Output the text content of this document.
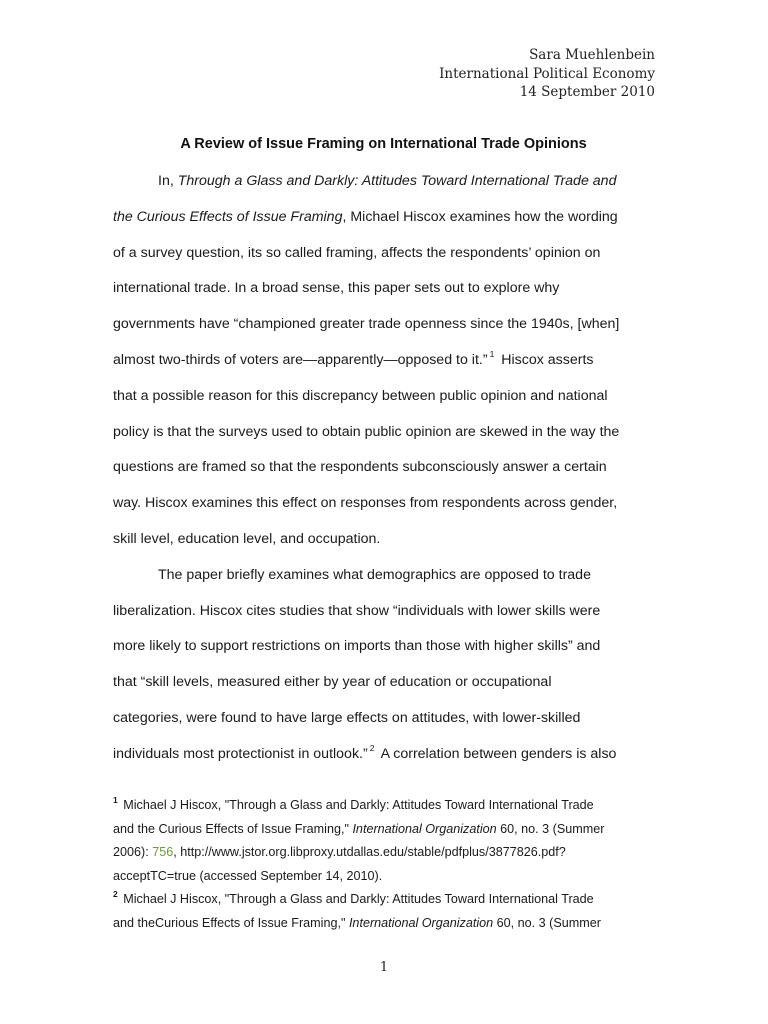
Sara Muehlenbein
International Political Economy
14 September 2010
A Review of Issue Framing on International Trade Opinions
In, Through a Glass and Darkly: Attitudes Toward International Trade and
the Curious Effects of Issue Framing, Michael Hiscox examines how the wording
of a survey question, its so called framing, affects the respondents’ opinion on
international trade. In a broad sense, this paper sets out to explore why
governments have “championed greater trade openness since the 1940s, [when]
almost two-thirds of voters are—apparently—opposed to it.” $^1$ Hiscox asserts
that a possible reason for this discrepancy between public opinion and national
policy is that the surveys used to obtain public opinion are skewed in the way the
questions are framed so that the respondents subconsciously answer a certain
way. Hiscox examines this effect on responses from respondents across gender,
skill level, education level, and occupation.
The paper briefly examines what demographics are opposed to trade
liberalization. Hiscox cites studies that show “individuals with lower skills were
more likely to support restrictions on imports than those with higher skills” and
that “skill levels, measured either by year of education or occupational
categories, were found to have large effects on attitudes, with lower-skilled
individuals most protectionist in outlook.” $^2$ A correlation between genders is also
$^1$ Michael J Hiscox, "Through a Glass and Darkly: Attitudes Toward International Trade
and the Curious Effects of Issue Framing," International Organization 60, no. 3 (Summer
2006): 756, http://www.jstor.org.libproxy.utdallas.edu/stable/pdfplus/3877826.pdf?
acceptTC=true (accessed September 14, 2010).
$^2$ Michael J Hiscox, "Through a Glass and Darkly: Attitudes Toward International Trade
and theCurious Effects of Issue Framing," International Organization 60, no. 3 (Summer
1
